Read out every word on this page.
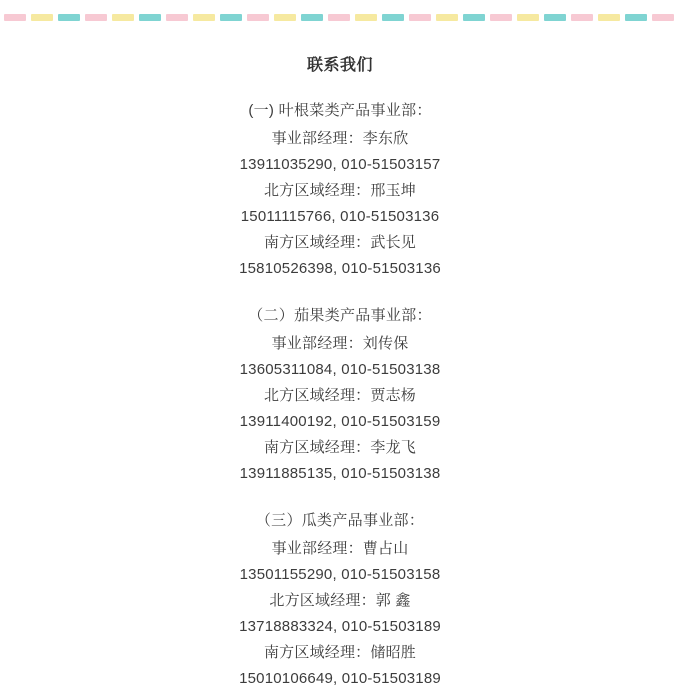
联系我们
(一) 叶根菜类产品事业部：
事业部经理：李东欣
13911035290, 010-51503157
北方区域经理：邢玉坤
15011115766, 010-51503136
南方区域经理：武长见
15810526398, 010-51503136
（二）茄果类产品事业部：
事业部经理：刘传保
13605311084, 010-51503138
北方区域经理：贾志杨
13911400192, 010-51503159
南方区域经理：李龙飞
13911885135, 010-51503138
（三）瓜类产品事业部：
事业部经理：曹占山
13501155290, 010-51503158
北方区域经理：郭 鑫
13718883324, 010-51503189
南方区域经理：储昭胜
15010106649, 010-51503189
